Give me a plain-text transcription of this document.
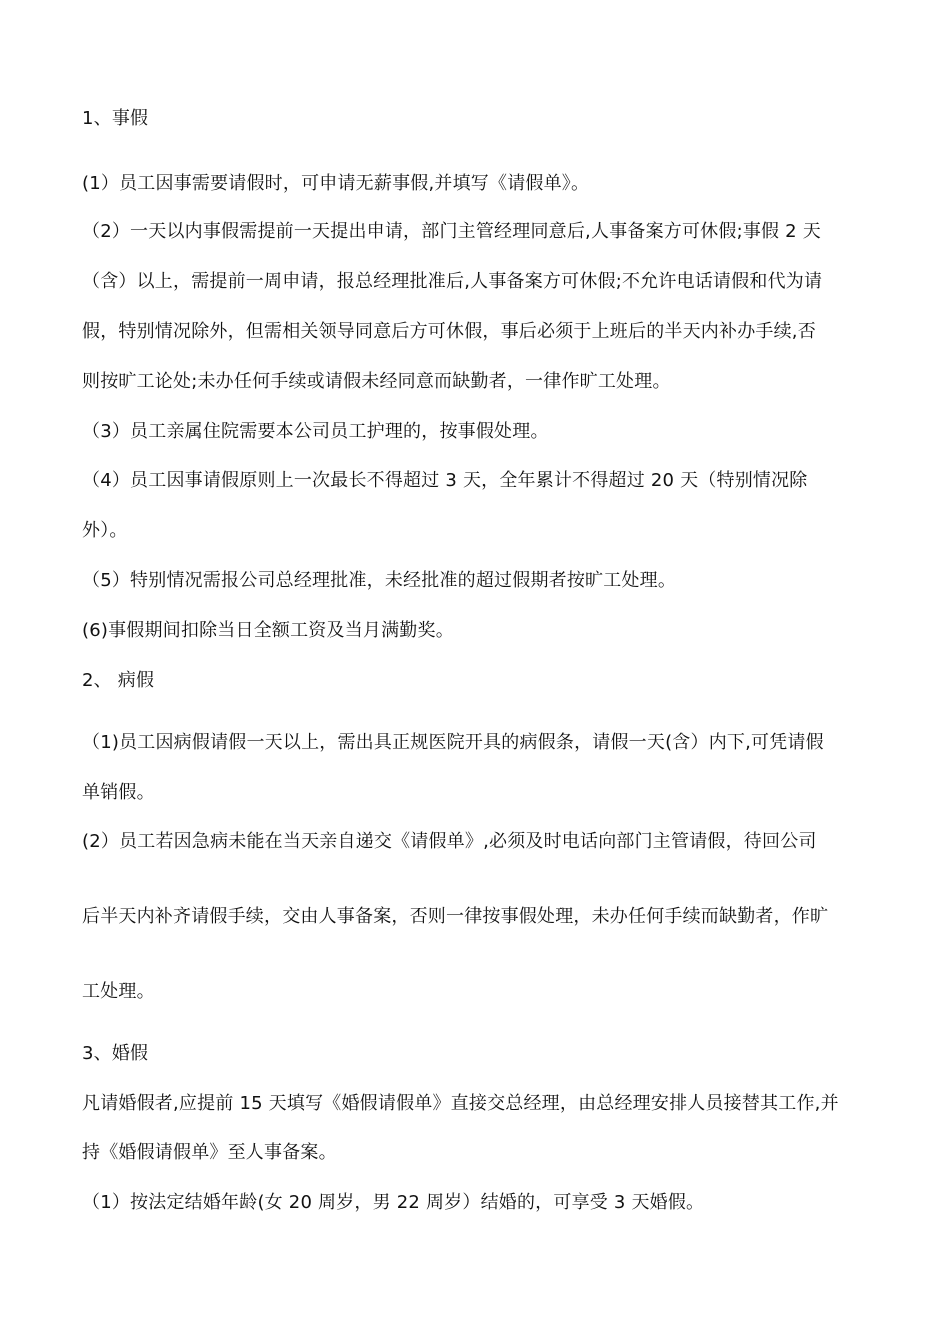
1、事假
(1）员工因事需要请假时，可申请无薪事假,并填写《请假单》。
（2）一天以内事假需提前一天提出申请，部门主管经理同意后,人事备案方可休假;事假 2 天
（含）以上，需提前一周申请，报总经理批准后,人事备案方可休假;不允许电话请假和代为请
假，特别情况除外，但需相关领导同意后方可休假，事后必须于上班后的半天内补办手续,否
则按旷工论处;未办任何手续或请假未经同意而缺勤者，一律作旷工处理。
（3）员工亲属住院需要本公司员工护理的，按事假处理。
（4）员工因事请假原则上一次最长不得超过 3 天，全年累计不得超过 20 天（特别情况除
外）。
（5）特别情况需报公司总经理批准，未经批准的超过假期者按旷工处理。
(6)事假期间扣除当日全额工资及当月满勤奖。
2、 病假
（1)员工因病假请假一天以上，需出具正规医院开具的病假条，请假一天(含）内下,可凭请假
单销假。
(2）员工若因急病未能在当天亲自递交《请假单》,必须及时电话向部门主管请假，待回公司
后半天内补齐请假手续，交由人事备案，否则一律按事假处理，未办任何手续而缺勤者，作旷
工处理。
3、婚假
凡请婚假者,应提前 15 天填写《婚假请假单》直接交总经理，由总经理安排人员接替其工作,并
持《婚假请假单》至人事备案。
（1）按法定结婚年龄(女 20 周岁，男 22 周岁）结婚的，可享受 3 天婚假。
